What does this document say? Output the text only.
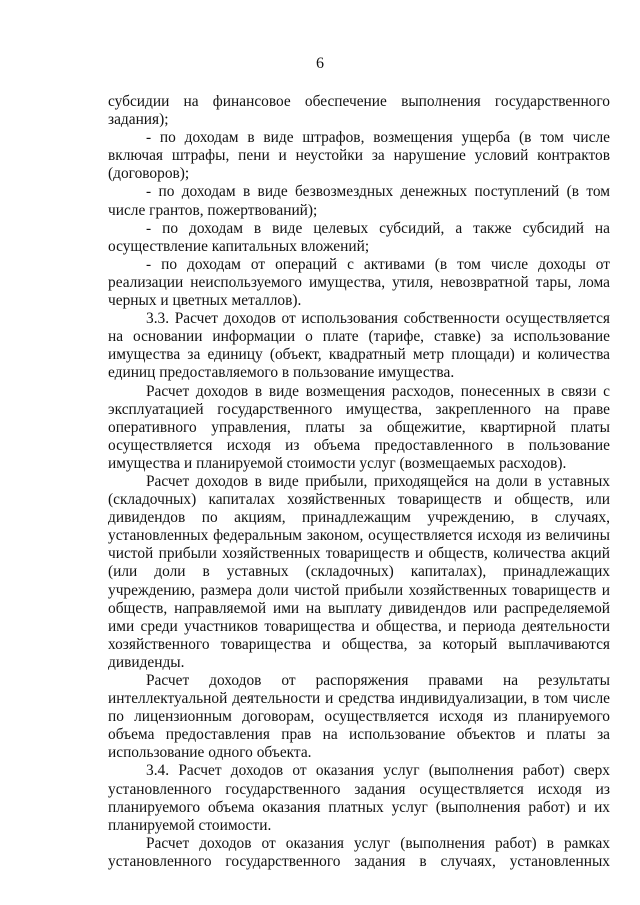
6

субсидии на финансовое обеспечение выполнения государственного задания);

- по доходам в виде штрафов, возмещения ущерба (в том числе включая штрафы, пени и неустойки за нарушение условий контрактов (договоров);

- по доходам в виде безвозмездных денежных поступлений (в том числе грантов, пожертвований);

- по доходам в виде целевых субсидий, а также субсидий на осуществление капитальных вложений;

- по доходам от операций с активами (в том числе доходы от реализации неиспользуемого имущества, утиля, невозвратной тары, лома черных и цветных металлов).

3.3. Расчет доходов от использования собственности осуществляется на основании информации о плате (тарифе, ставке) за использование имущества за единицу (объект, квадратный метр площади) и количества единиц предоставляемого в пользование имущества.

Расчет доходов в виде возмещения расходов, понесенных в связи с эксплуатацией государственного имущества, закрепленного на праве оперативного управления, платы за общежитие, квартирной платы осуществляется исходя из объема предоставленного в пользование имущества и планируемой стоимости услуг (возмещаемых расходов).

Расчет доходов в виде прибыли, приходящейся на доли в уставных (складочных) капиталах хозяйственных товариществ и обществ, или дивидендов по акциям, принадлежащим учреждению, в случаях, установленных федеральным законом, осуществляется исходя из величины чистой прибыли хозяйственных товариществ и обществ, количества акций (или доли в уставных (складочных) капиталах), принадлежащих учреждению, размера доли чистой прибыли хозяйственных товариществ и обществ, направляемой ими на выплату дивидендов или распределяемой ими среди участников товарищества и общества, и периода деятельности хозяйственного товарищества и общества, за который выплачиваются дивиденды.

Расчет доходов от распоряжения правами на результаты интеллектуальной деятельности и средства индивидуализации, в том числе по лицензионным договорам, осуществляется исходя из планируемого объема предоставления прав на использование объектов и платы за использование одного объекта.

3.4. Расчет доходов от оказания услуг (выполнения работ) сверх установленного государственного задания осуществляется исходя из планируемого объема оказания платных услуг (выполнения работ) и их планируемой стоимости.

Расчет доходов от оказания услуг (выполнения работ) в рамках установленного государственного задания в случаях, установленных
